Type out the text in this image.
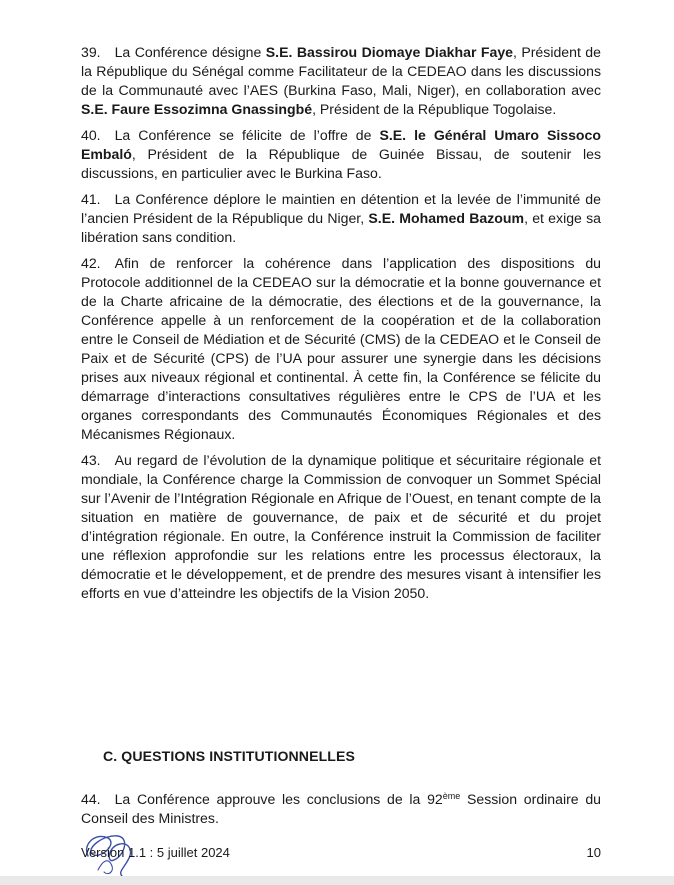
39. La Conférence désigne S.E. Bassirou Diomaye Diakhar Faye, Président de la République du Sénégal comme Facilitateur de la CEDEAO dans les discussions de la Communauté avec l’AES (Burkina Faso, Mali, Niger), en collaboration avec S.E. Faure Essozimna Gnassingbé, Président de la République Togolaise.

40. La Conférence se félicite de l’offre de S.E. le Général Umaro Sissoco Embaló, Président de la République de Guinée Bissau, de soutenir les discussions, en particulier avec le Burkina Faso.

41. La Conférence déplore le maintien en détention et la levée de l’immunité de l’ancien Président de la République du Niger, S.E. Mohamed Bazoum, et exige sa libération sans condition.

42. Afin de renforcer la cohérence dans l’application des dispositions du Protocole additionnel de la CEDEAO sur la démocratie et la bonne gouvernance et de la Charte africaine de la démocratie, des élections et de la gouvernance, la Conférence appelle à un renforcement de la coopération et de la collaboration entre le Conseil de Médiation et de Sécurité (CMS) de la CEDEAO et le Conseil de Paix et de Sécurité (CPS) de l’UA pour assurer une synergie dans les décisions prises aux niveaux régional et continental. À cette fin, la Conférence se félicite du démarrage d’interactions consultatives régulières entre le CPS de l’UA et les organes correspondants des Communautés Économiques Régionales et des Mécanismes Régionaux.

43. Au regard de l’évolution de la dynamique politique et sécuritaire régionale et mondiale, la Conférence charge la Commission de convoquer un Sommet Spécial sur l’Avenir de l’Intégration Régionale en Afrique de l’Ouest, en tenant compte de la situation en matière de gouvernance, de paix et de sécurité et du projet d’intégration régionale. En outre, la Conférence instruit la Commission de faciliter une réflexion approfondie sur les relations entre les processus électoraux, la démocratie et le développement, et de prendre des mesures visant à intensifier les efforts en vue d’atteindre les objectifs de la Vision 2050.

C. QUESTIONS INSTITUTIONNELLES

44. La Conférence approuve les conclusions de la 92ème Session ordinaire du Conseil des Ministres.

Version 1.1 : 5 juillet 2024	10
